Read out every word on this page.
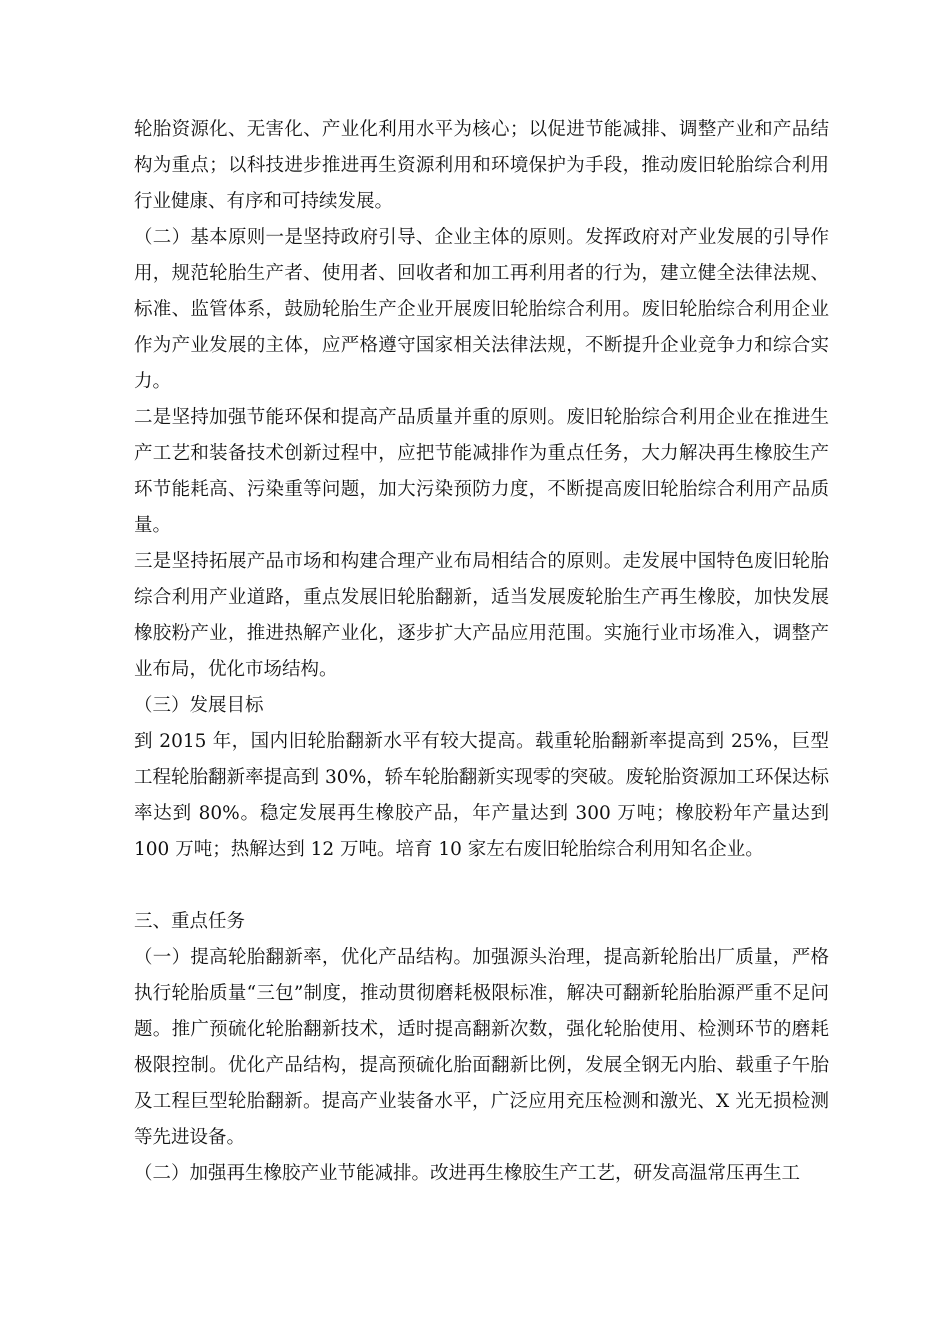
轮胎资源化、无害化、产业化利用水平为核心；以促进节能减排、调整产业和产品结构为重点；以科技进步推进再生资源利用和环境保护为手段，推动废旧轮胎综合利用行业健康、有序和可持续发展。

（二）基本原则一是坚持政府引导、企业主体的原则。发挥政府对产业发展的引导作用，规范轮胎生产者、使用者、回收者和加工再利用者的行为，建立健全法律法规、标准、监管体系，鼓励轮胎生产企业开展废旧轮胎综合利用。废旧轮胎综合利用企业作为产业发展的主体，应严格遵守国家相关法律法规，不断提升企业竞争力和综合实力。

二是坚持加强节能环保和提高产品质量并重的原则。废旧轮胎综合利用企业在推进生产工艺和装备技术创新过程中，应把节能减排作为重点任务，大力解决再生橡胶生产环节能耗高、污染重等问题，加大污染预防力度，不断提高废旧轮胎综合利用产品质量。

三是坚持拓展产品市场和构建合理产业布局相结合的原则。走发展中国特色废旧轮胎综合利用产业道路，重点发展旧轮胎翻新，适当发展废轮胎生产再生橡胶，加快发展橡胶粉产业，推进热解产业化，逐步扩大产品应用范围。实施行业市场准入，调整产业布局，优化市场结构。

（三）发展目标

到 2015 年，国内旧轮胎翻新水平有较大提高。载重轮胎翻新率提高到 25%，巨型工程轮胎翻新率提高到 30%，轿车轮胎翻新实现零的突破。废轮胎资源加工环保达标率达到 80%。稳定发展再生橡胶产品，年产量达到 300 万吨；橡胶粉年产量达到 100 万吨；热解达到 12 万吨。培育 10 家左右废旧轮胎综合利用知名企业。

三、重点任务

（一）提高轮胎翻新率，优化产品结构。加强源头治理，提高新轮胎出厂质量，严格执行轮胎质量“三包”制度，推动贯彻磨耗极限标准，解决可翻新轮胎胎源严重不足问题。推广预硫化轮胎翻新技术，适时提高翻新次数，强化轮胎使用、检测环节的磨耗极限控制。优化产品结构，提高预硫化胎面翻新比例，发展全钢无内胎、载重子午胎及工程巨型轮胎翻新。提高产业装备水平，广泛应用充压检测和激光、X 光无损检测等先进设备。

（二）加强再生橡胶产业节能减排。改进再生橡胶生产工艺，研发高温常压再生工
